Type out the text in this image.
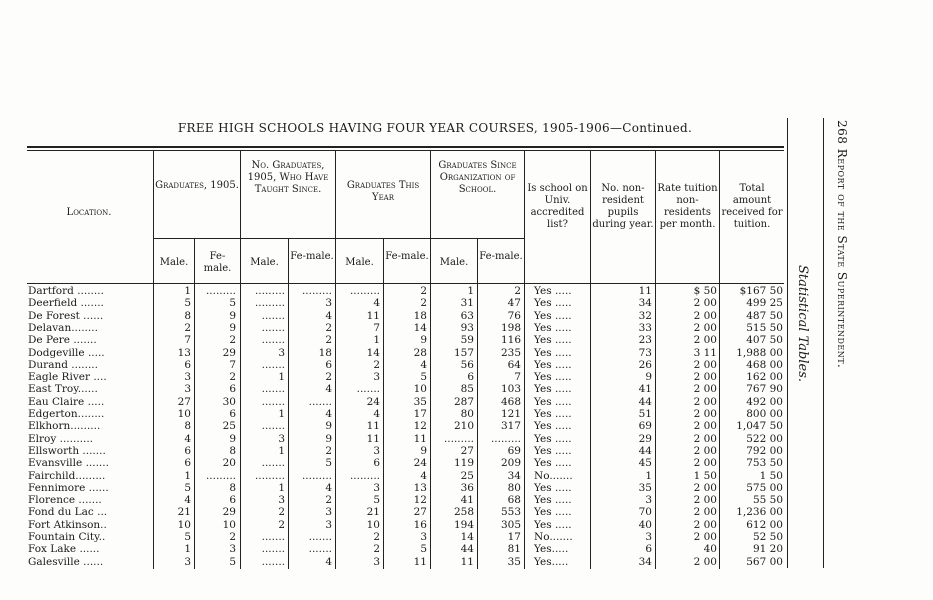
FREE HIGH SCHOOLS HAVING FOUR YEAR COURSES, 1905-1906—Continued.
Location.
Graduates, 1905.
No. Graduates, 1905, Who Have Taught Since.	Graduates This Year
Graduates Since Organization of School.	Is school on Univ. accredited list?
No. non-resident pupils during year.
Rate tuition non-residents per month.
Total amount received for tuition.
Male.
Fe-male.
Male.
Fe-male.
Male.
Fe-male.
Male.
Fe-male.
Dartford ........	1	.........	.........	.........	.........	2	1	2 Yes .....	11	$ 50	$167 50
Deerfield .......	5	5	.........	3	4	2	31	47 Yes .....	34	2 00	499 25
De Forest ......	8	9	.......	4	11	18	63	76 Yes .....	32	2 00	487 50
Delavan........	2	9	.......	2	7	14	93	198 Yes .....	33	2 00	515 50
De Pere .......	7	2	.......	2	1	9	59	116 Yes .....	23	2 00	407 50
Dodgeville .....	13	29	3	18	14	28	157	235 Yes .....	73	3 11	1,988 00
Durand ........	6	7	.......	6	2	4	56	64 Yes .....	26	2 00	468 00
Eagle River ....	3	2	1	2	3	5	6	7 Yes .....	9	2 00	162 00
East Troy......	3	6	.......	4	.......	10	85	103 Yes .....	41	2 00	767 90
Eau Claire .....	27	30	.......	.......	24	35	287	468 Yes .....	44	2 00	492 00
Edgerton........	10	6	1	4	4	17	80	121 Yes .....	51	2 00	800 00
Elkhorn.........	8	25	.......	9	11	12	210	317 Yes .....	69	2 00	1,047 50
Elroy ..........	4	9	3	9	11	11	.........	......... Yes .....	29	2 00	522 00
Ellsworth .......	6	8	1	2	3	9	27	69 Yes .....	44	2 00	792 00
Evansville .......	6	20	.......	5	6	24	119	209 Yes .....	45	2 00	753 50
Fairchild.........	1	.........	.........	.........	.........	4	25	34 No.......	1	1 50	1 50
Fennimore ......	5	8	1	4	3	13	36	80 Yes .....	35	2 00	575 00
Florence .......	4	6	3	2	5	12	41	68 Yes .....	3	2 00	55 50
Fond du Lac ...	21	29	2	3	21	27	258	553 Yes .....	70	2 00	1,236 00
Fort Atkinson..	10	10	2	3	10	16	194	305 Yes .....	40	2 00	612 00
Fountain City..	5	2	.......	.......	2	3	14	17 No.......	3	2 00	52 50
Fox Lake ......	1	3	.......	.......	2	5	44	81 Yes.....	6	40	91 20
Galesville ......	3	5	.......	4	3	11	11	35 Yes.....	34	2 00	567 00
Statistical Tables. 268 Report of the State Superintendent.
